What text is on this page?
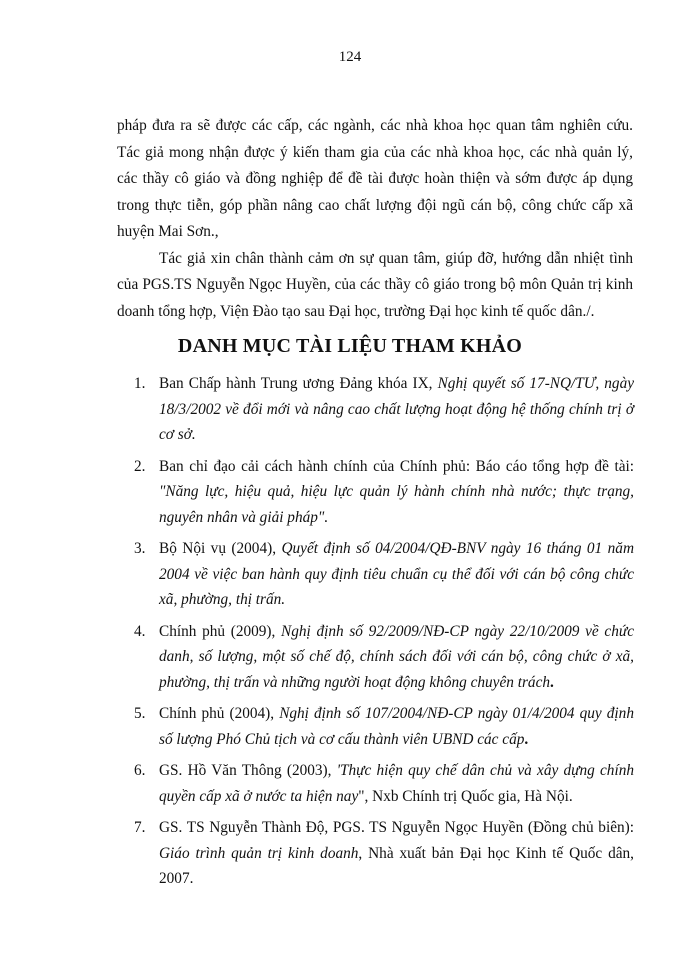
124

pháp đưa ra sẽ được các cấp, các ngành, các nhà khoa học quan tâm nghiên cứu. Tác giả mong nhận được ý kiến tham gia của các nhà khoa học, các nhà quản lý, các thầy cô giáo và đồng nghiệp để đề tài được hoàn thiện và sớm được áp dụng trong thực tiễn, góp phần nâng cao chất lượng đội ngũ cán bộ, công chức cấp xã huyện Mai Sơn.,

Tác giả xin chân thành cảm ơn sự quan tâm, giúp đỡ, hướng dẫn nhiệt tình của PGS.TS Nguyễn Ngọc Huyền, của các thầy cô giáo trong bộ môn Quản trị kinh doanh tổng hợp, Viện Đào tạo sau Đại học, trường Đại học kinh tế quốc dân./.

DANH MỤC TÀI LIỆU THAM KHẢO
1. Ban Chấp hành Trung ương Đảng khóa IX, Nghị quyết số 17-NQ/TƯ, ngày 18/3/2002 về đổi mới và nâng cao chất lượng hoạt động hệ thống chính trị ở cơ sở.
2. Ban chỉ đạo cải cách hành chính của Chính phủ: Báo cáo tổng hợp đề tài: "Năng lực, hiệu quả, hiệu lực quản lý hành chính nhà nước; thực trạng, nguyên nhân và giải pháp".
3. Bộ Nội vụ (2004), Quyết định số 04/2004/QĐ-BNV ngày 16 tháng 01 năm 2004 về việc ban hành quy định tiêu chuẩn cụ thể đối với cán bộ công chức xã, phường, thị trấn.
4. Chính phủ (2009), Nghị định số 92/2009/NĐ-CP ngày 22/10/2009 về chức danh, số lượng, một số chế độ, chính sách đối với cán bộ, công chức ở xã, phường, thị trấn và những người hoạt động không chuyên trách.
5. Chính phủ (2004), Nghị định số 107/2004/NĐ-CP ngày 01/4/2004 quy định số lượng Phó Chủ tịch và cơ cấu thành viên UBND các cấp.
6. GS. Hồ Văn Thông (2003), 'Thực hiện quy chế dân chủ và xây dựng chính quyền cấp xã ở nước ta hiện nay", Nxb Chính trị Quốc gia, Hà Nội.
7. GS. TS Nguyễn Thành Độ, PGS. TS Nguyễn Ngọc Huyền (Đồng chủ biên): Giáo trình quản trị kinh doanh, Nhà xuất bản Đại học Kinh tế Quốc dân, 2007.
